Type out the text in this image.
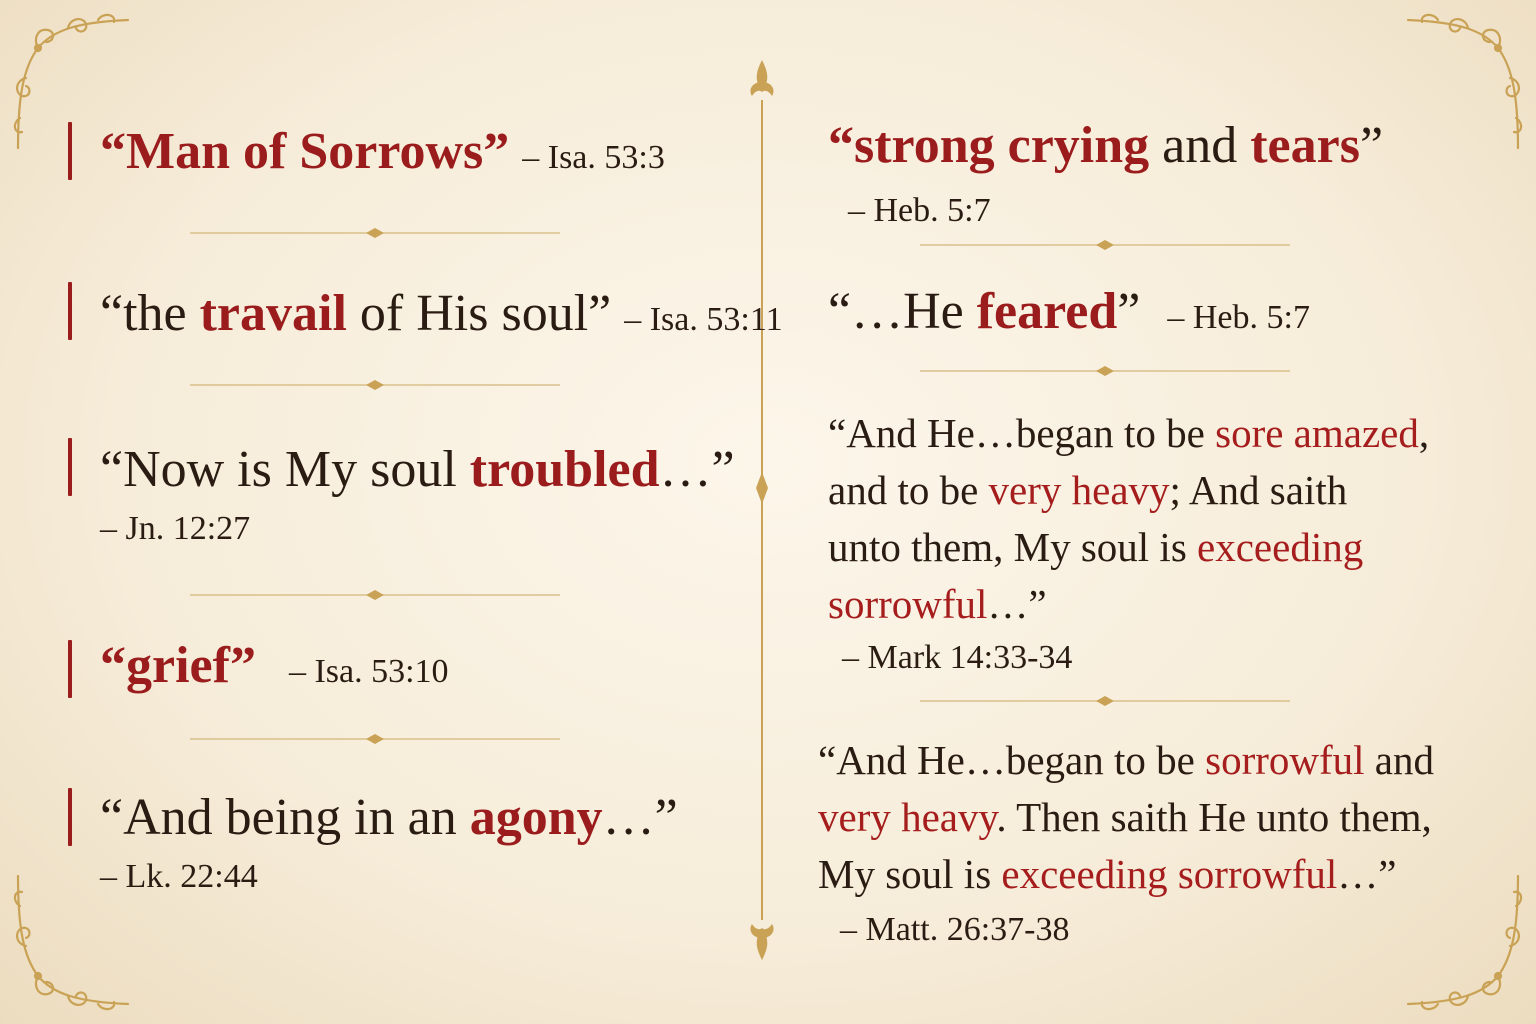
“Man of Sorrows” – Isa. 53:3
“the travail of His soul” – Isa. 53:11
“Now is My soul troubled…”
– Jn. 12:27
“grief” – Isa. 53:10
“And being in an agony…”
– Lk. 22:44
“strong crying and tears”
– Heb. 5:7
“…He feared” – Heb. 5:7
“And He…began to be sore amazed,
and to be very heavy; And saith
unto them, My soul is exceeding
sorrowful…”
– Mark 14:33-34
“And He…began to be sorrowful and
very heavy. Then saith He unto them,
My soul is exceeding sorrowful…”
– Matt. 26:37-38
